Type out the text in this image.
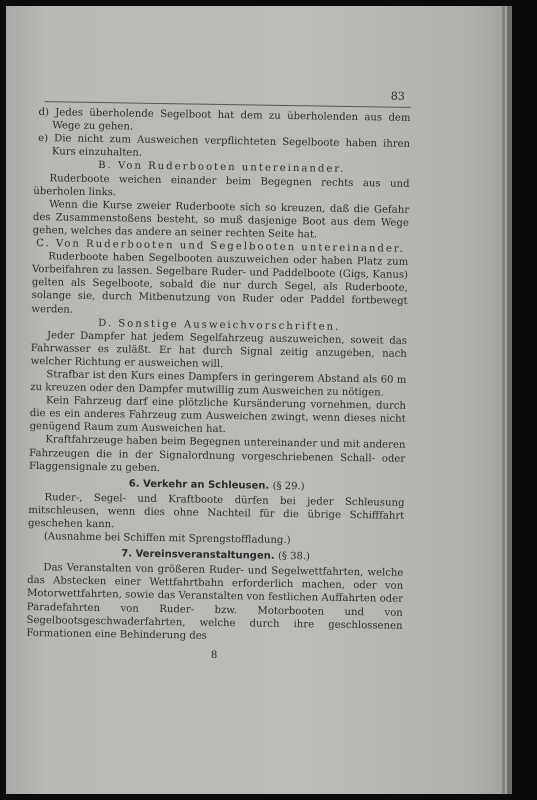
83

d) Jedes überholende Segelboot hat dem zu überholenden aus dem Wege zu gehen.

e) Die nicht zum Ausweichen verpflichteten Segelboote haben ihren Kurs einzuhalten.

B. Von Ruderbooten untereinander.

Ruderboote weichen einander beim Begegnen rechts aus und überholen links.

Wenn die Kurse zweier Ruderboote sich so kreuzen, daß die Gefahr des Zusammenstoßens besteht, so muß dasjenige Boot aus dem Wege gehen, welches das andere an seiner rechten Seite hat.

C. Von Ruderbooten und Segelbooten untereinander.

Ruderboote haben Segelbooten auszuweichen oder haben Platz zum Vorbeifahren zu lassen. Segelbare Ruder- und Paddelboote (Gigs, Kanus) gelten als Segelboote, sobald die nur durch Segel, als Ruderboote, solange sie, durch Mitbenutzung von Ruder oder Paddel fortbewegt werden.

D. Sonstige Ausweichvorschriften.

Jeder Dampfer hat jedem Segelfahrzeug auszuweichen, soweit das Fahrwasser es zuläßt. Er hat durch Signal zeitig anzugeben, nach welcher Richtung er ausweichen will.

Strafbar ist den Kurs eines Dampfers in geringerem Abstand als 60 m zu kreuzen oder den Dampfer mutwillig zum Ausweichen zu nötigen.

Kein Fahrzeug darf eine plötzliche Kursänderung vornehmen, durch die es ein anderes Fahrzeug zum Ausweichen zwingt, wenn dieses nicht genügend Raum zum Ausweichen hat.

Kraftfahrzeuge haben beim Begegnen untereinander und mit anderen Fahrzeugen die in der Signalordnung vorgeschriebenen Schall- oder Flaggensignale zu geben.

6. Verkehr an Schleusen. (§ 29.)

Ruder-, Segel- und Kraftboote dürfen bei jeder Schleusung mitschleusen, wenn dies ohne Nachteil für die übrige Schifffahrt geschehen kann.

(Ausnahme bei Schiffen mit Sprengstoffladung.)

7. Vereinsveranstaltungen. (§ 38.)

Das Veranstalten von größeren Ruder- und Segelwettfahrten, welche das Abstecken einer Wettfahrtbahn erforderlich machen, oder von Motorwettfahrten, sowie das Veranstalten von festlichen Auffahrten oder Paradefahrten von Ruder- bzw. Motorbooten und von Segelbootsgeschwaderfahrten, welche durch ihre geschlossenen Formationen eine Behinderung des

8
